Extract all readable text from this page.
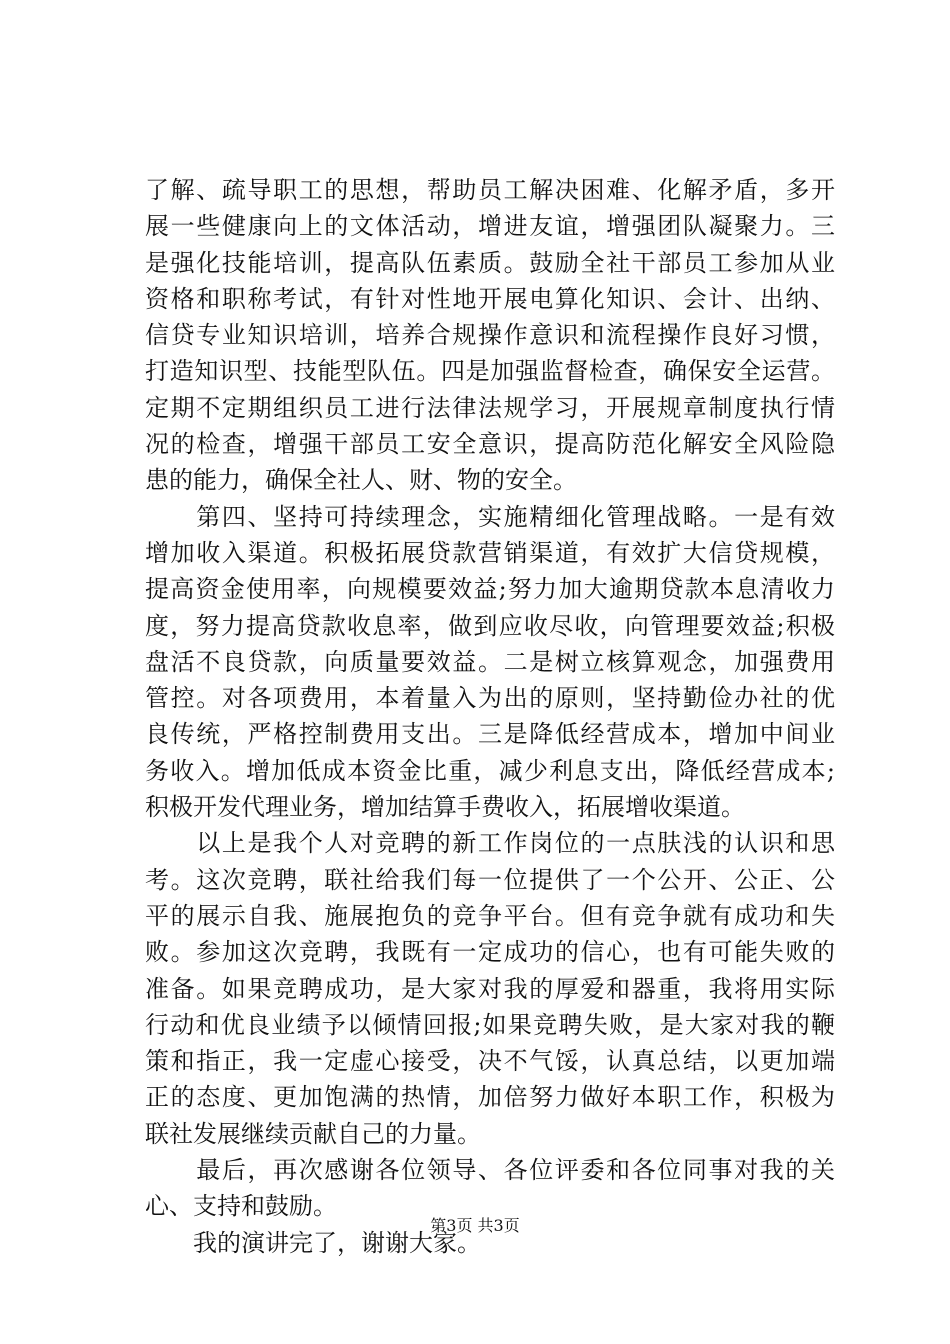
了解、疏导职工的思想，帮助员工解决困难、化解矛盾，多开
展一些健康向上的文体活动，增进友谊，增强团队凝聚力。三
是强化技能培训，提高队伍素质。鼓励全社干部员工参加从业
资格和职称考试，有针对性地开展电算化知识、会计、出纳、
信贷专业知识培训，培养合规操作意识和流程操作良好习惯，
打造知识型、技能型队伍。四是加强监督检查，确保安全运营。
定期不定期组织员工进行法律法规学习，开展规章制度执行情
况的检查，增强干部员工安全意识，提高防范化解安全风险隐
患的能力，确保全社人、财、物的安全。
　　第四、坚持可持续理念，实施精细化管理战略。一是有效
增加收入渠道。积极拓展贷款营销渠道，有效扩大信贷规模，
提高资金使用率，向规模要效益;努力加大逾期贷款本息清收力
度，努力提高贷款收息率，做到应收尽收，向管理要效益;积极
盘活不良贷款，向质量要效益。二是树立核算观念，加强费用
管控。对各项费用，本着量入为出的原则，坚持勤俭办社的优
良传统，严格控制费用支出。三是降低经营成本，增加中间业
务收入。增加低成本资金比重，减少利息支出，降低经营成本;
积极开发代理业务，增加结算手费收入，拓展增收渠道。
　　以上是我个人对竞聘的新工作岗位的一点肤浅的认识和思
考。这次竞聘，联社给我们每一位提供了一个公开、公正、公
平的展示自我、施展抱负的竞争平台。但有竞争就有成功和失
败。参加这次竞聘，我既有一定成功的信心，也有可能失败的
准备。如果竞聘成功，是大家对我的厚爱和器重，我将用实际
行动和优良业绩予以倾情回报;如果竞聘失败，是大家对我的鞭
策和指正，我一定虚心接受，决不气馁，认真总结，以更加端
正的态度、更加饱满的热情，加倍努力做好本职工作，积极为
联社发展继续贡献自己的力量。
　　最后，再次感谢各位领导、各位评委和各位同事对我的关
心、支持和鼓励。
　　我的演讲完了，谢谢大家。
第3页 共3页
